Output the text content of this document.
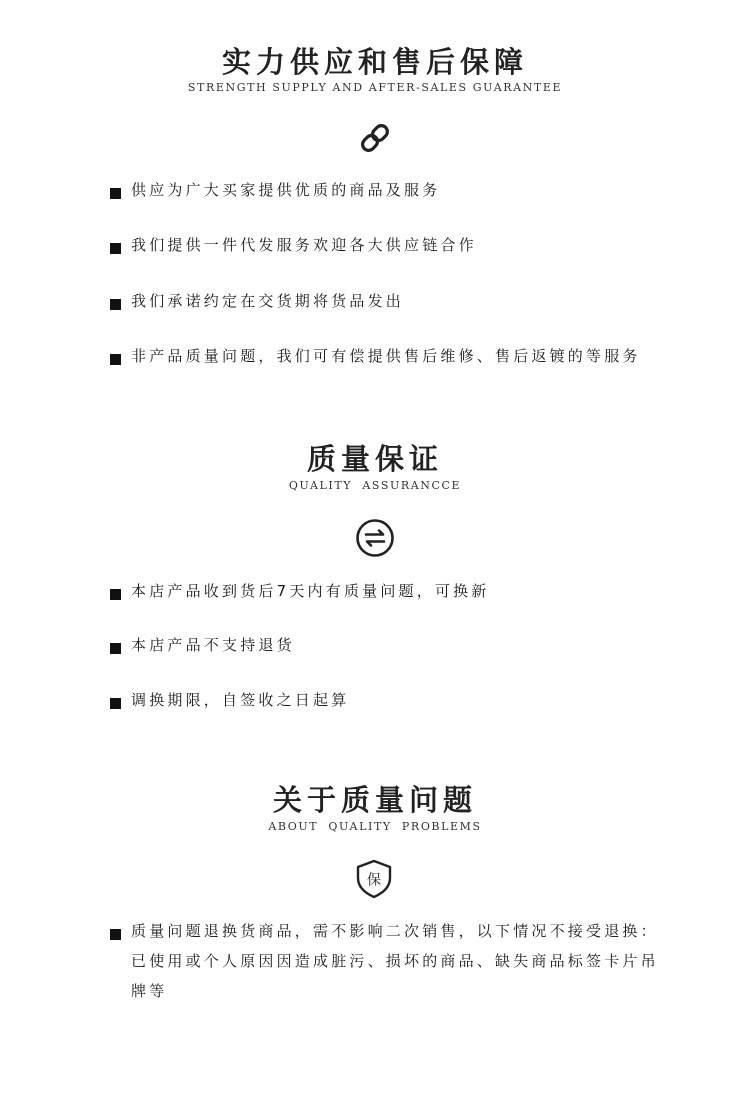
实力供应和售后保障
STRENGTH SUPPLY AND AFTER-SALES GUARANTEE
供应为广大买家提供优质的商品及服务
我们提供一件代发服务欢迎各大供应链合作
我们承诺约定在交货期将货品发出
非产品质量问题，我们可有偿提供售后维修、售后返镀的等服务
质量保证
QUALITY  ASSURANCCE
本店产品收到货后7天内有质量问题，可换新
本店产品不支持退货
调换期限，自签收之日起算
关于质量问题
ABOUT  QUALITY  PROBLEMS
保
质量问题退换货商品，需不影响二次销售，以下情况不接受退换：已使用或个人原因因造成脏污、损坏的商品、缺失商品标签卡片吊牌等
